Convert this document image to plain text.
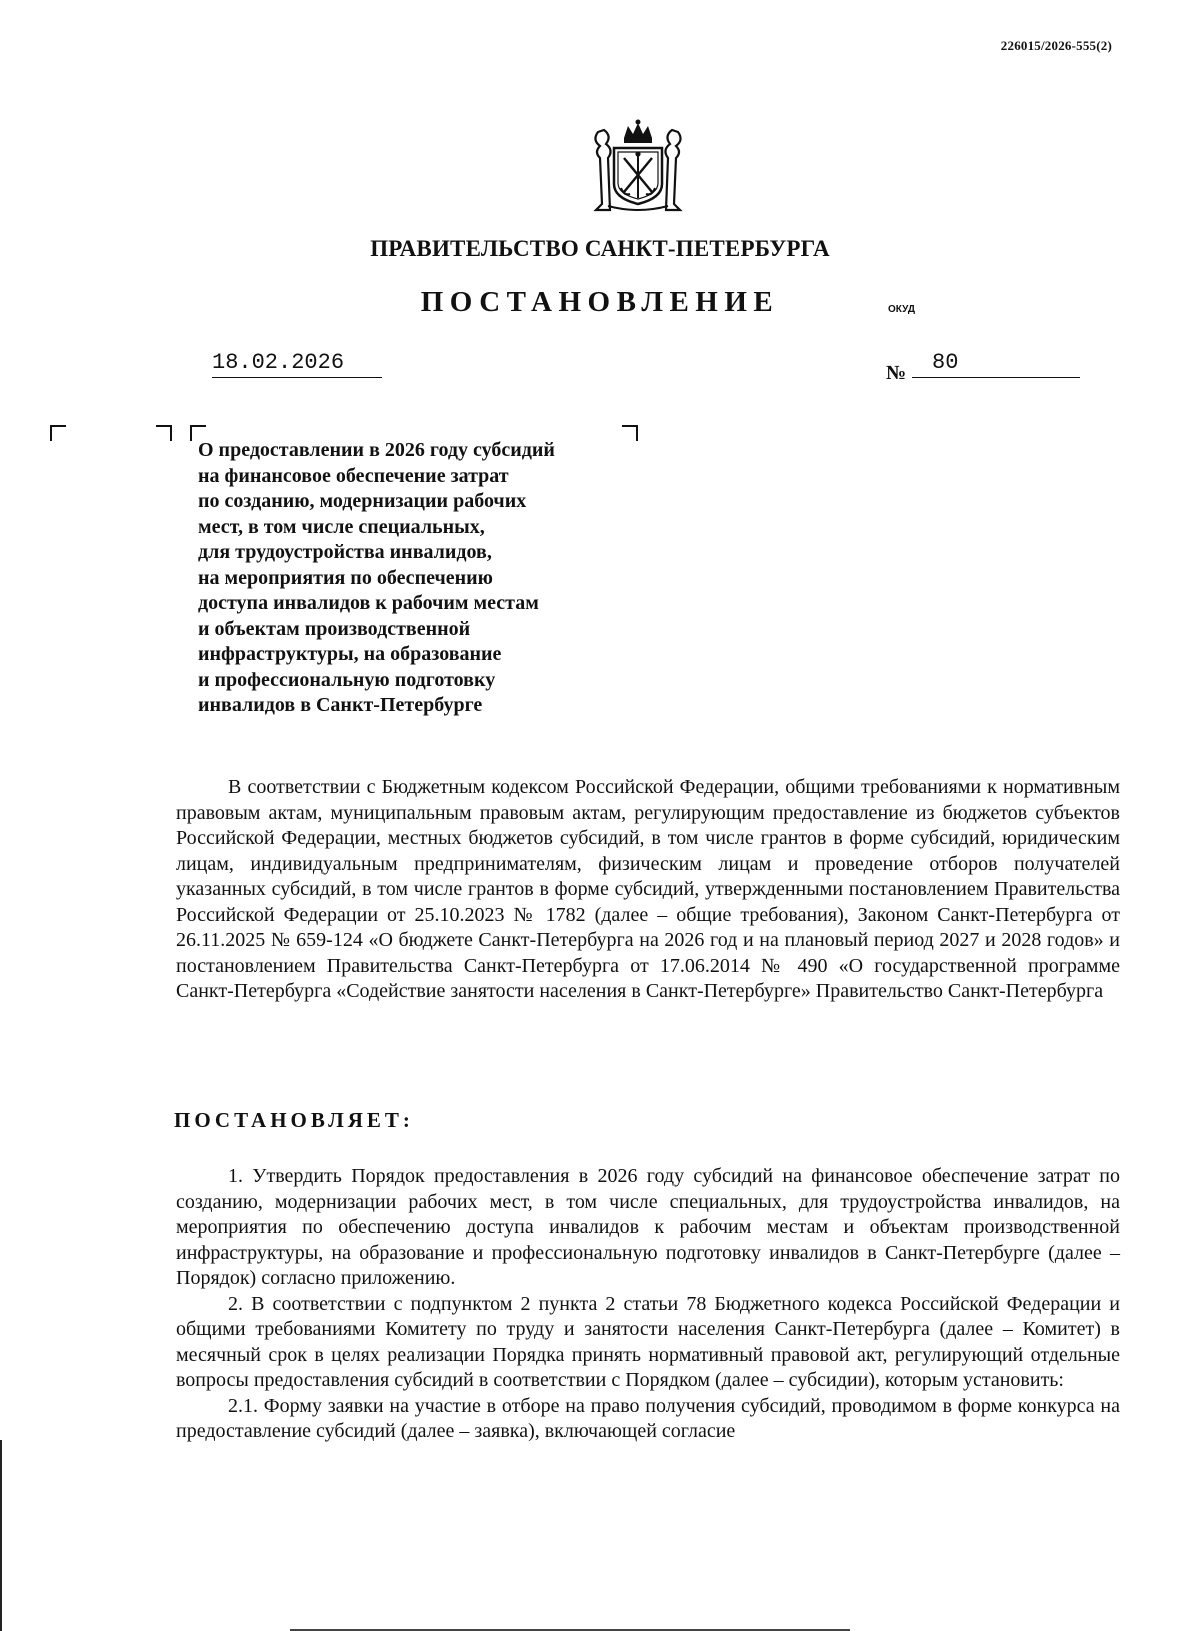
226015/2026-555(2)
ПРАВИТЕЛЬСТВО САНКТ-ПЕТЕРБУРГА
ПОСТАНОВЛЕНИЕ	ОКУД
18.02.2026	№	80
О предоставлении в 2026 году субсидий
на финансовое обеспечение затрат
по созданию, модернизации рабочих
мест, в том числе специальных,
для трудоустройства инвалидов,
на мероприятия по обеспечению
доступа инвалидов к рабочим местам
и объектам производственной
инфраструктуры, на образование
и профессиональную подготовку
инвалидов в Санкт-Петербурге

В соответствии с Бюджетным кодексом Российской Федерации, общими требованиями к нормативным правовым актам, муниципальным правовым актам, регулирующим предоставление из бюджетов субъектов Российской Федерации, местных бюджетов субсидий, в том числе грантов в форме субсидий, юридическим лицам, индивидуальным предпринимателям, физическим лицам и проведение отборов получателей указанных субсидий, в том числе грантов в форме субсидий, утвержденными постановлением Правительства Российской Федерации от 25.10.2023 № 1782 (далее – общие требования), Законом Санкт-Петербурга от 26.11.2025 № 659-124 «О бюджете Санкт-Петербурга на 2026 год и на плановый период 2027 и 2028 годов» и постановлением Правительства Санкт-Петербурга от 17.06.2014 № 490 «О государственной программе Санкт-Петербурга «Содействие занятости населения в Санкт-Петербурге» Правительство Санкт-Петербурга

ПОСТАНОВЛЯЕТ:

1. Утвердить Порядок предоставления в 2026 году субсидий на финансовое обеспечение затрат по созданию, модернизации рабочих мест, в том числе специальных, для трудоустройства инвалидов, на мероприятия по обеспечению доступа инвалидов к рабочим местам и объектам производственной инфраструктуры, на образование и профессиональную подготовку инвалидов в Санкт-Петербурге (далее – Порядок) согласно приложению.

2. В соответствии с подпунктом 2 пункта 2 статьи 78 Бюджетного кодекса Российской Федерации и общими требованиями Комитету по труду и занятости населения Санкт-Петербурга (далее – Комитет) в месячный срок в целях реализации Порядка принять нормативный правовой акт, регулирующий отдельные вопросы предоставления субсидий в соответствии с Порядком (далее – субсидии), которым установить:

2.1. Форму заявки на участие в отборе на право получения субсидий, проводимом в форме конкурса на предоставление субсидий (далее – заявка), включающей согласие
